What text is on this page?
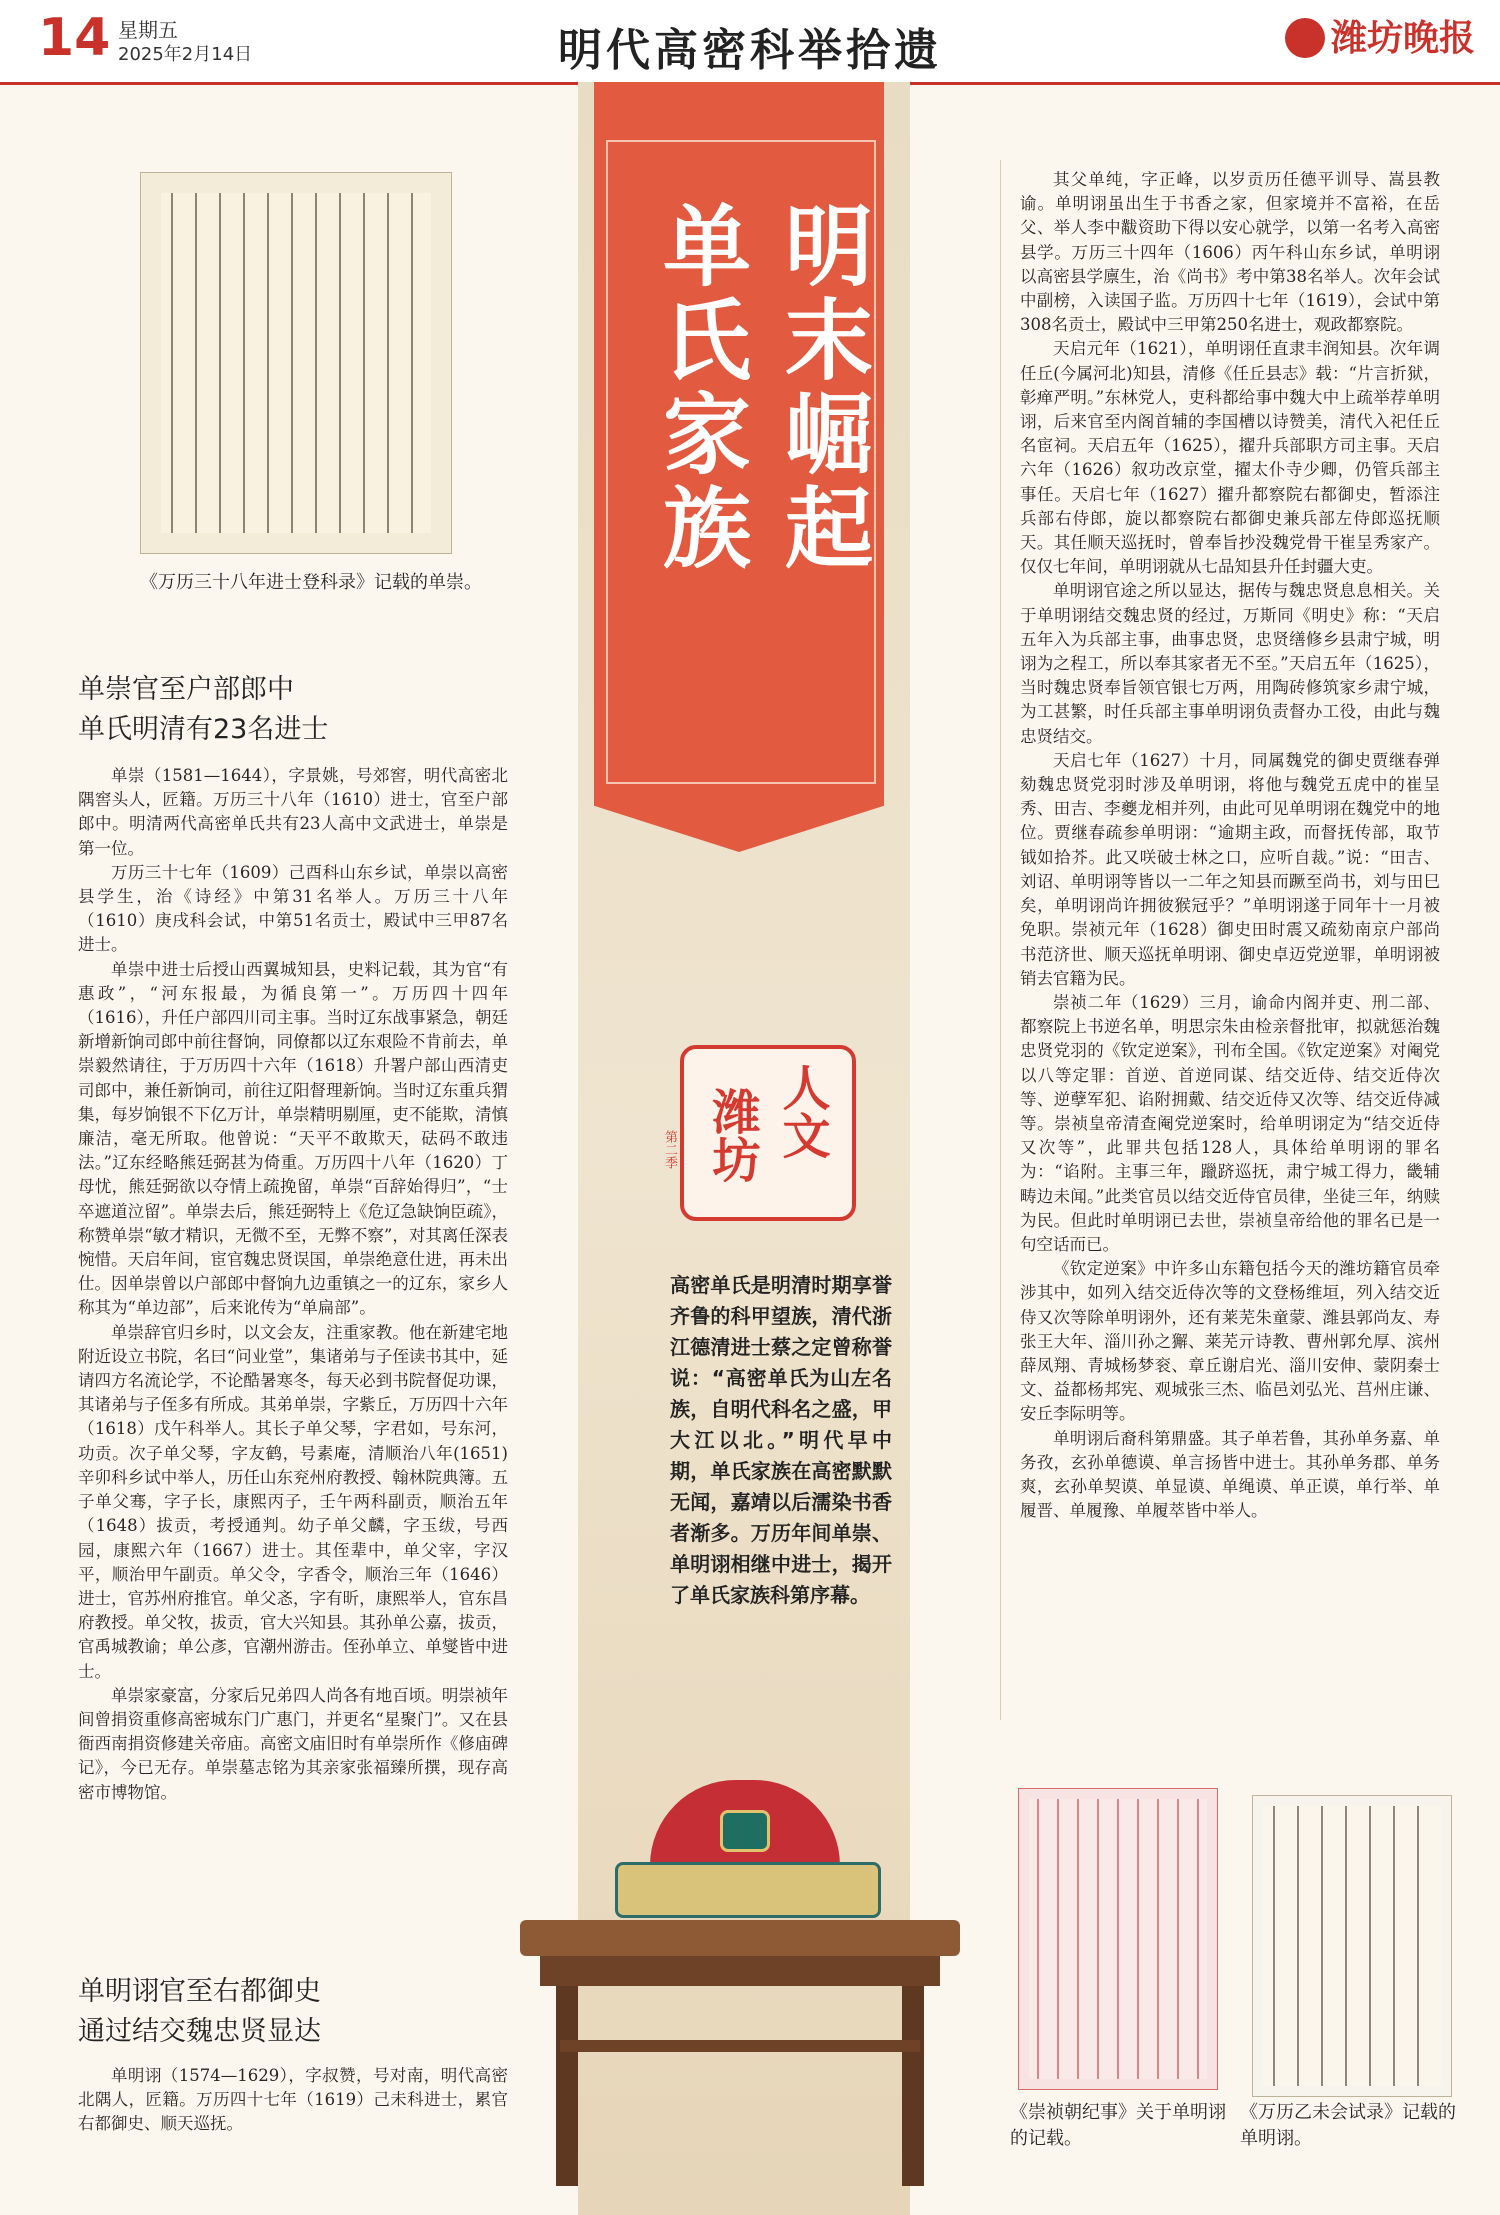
14 星期五
2025年2月14日	明代高密科举拾遗	潍坊晚报
明末崛起
单氏家族
人文
潍坊
第二季
高密单氏是明清时期享誉齐鲁的科甲望族，清代浙江德清进士蔡之定曾称誉说：“高密单氏为山左名族，自明代科名之盛，甲大江以北。”明代早中期，单氏家族在高密默默无闻，嘉靖以后濡染书香者渐多。万历年间单崇、单明诩相继中进士，揭开了单氏家族科第序幕。
《万历三十八年进士登科录》记载的单崇。
单崇官至户部郎中
单氏明清有23名进士

单崇（1581—1644），字景姚，号郊窖，明代高密北隅窖头人，匠籍。万历三十八年（1610）进士，官至户部郎中。明清两代高密单氏共有23人高中文武进士，单崇是第一位。

万历三十七年（1609）己酉科山东乡试，单崇以高密县学生，治《诗经》中第31名举人。万历三十八年（1610）庚戌科会试，中第51名贡士，殿试中三甲87名进士。

单崇中进士后授山西翼城知县，史料记载，其为官“有惠政”，“河东报最，为循良第一”。万历四十四年（1616），升任户部四川司主事。当时辽东战事紧急，朝廷新增新饷司郎中前往督饷，同僚都以辽东艰险不肯前去，单崇毅然请往，于万历四十六年（1618）升署户部山西清吏司郎中，兼任新饷司，前往辽阳督理新饷。当时辽东重兵猬集，每岁饷银不下亿万计，单崇精明剔厘，吏不能欺，清慎廉洁，毫无所取。他曾说：“天平不敢欺天，砝码不敢违法。”辽东经略熊廷弼甚为倚重。万历四十八年（1620）丁母忧，熊廷弼欲以夺情上疏挽留，单崇“百辞始得归”，“士卒遮道泣留”。单崇去后，熊廷弼特上《危辽急缺饷臣疏》，称赞单崇“敏才精识，无微不至，无弊不察”，对其离任深表惋惜。天启年间，宦官魏忠贤误国，单崇绝意仕进，再未出仕。因单崇曾以户部郎中督饷九边重镇之一的辽东，家乡人称其为“单边部”，后来讹传为“单扁部”。

单崇辞官归乡时，以文会友，注重家教。他在新建宅地附近设立书院，名曰“问业堂”，集诸弟与子侄读书其中，延请四方名流论学，不论酷暑寒冬，每天必到书院督促功课，其诸弟与子侄多有所成。其弟单崇，字紫丘，万历四十六年（1618）戊午科举人。其长子单父琴，字君如，号东河，功贡。次子单父琴，字友鹤，号素庵，清顺治八年(1651)辛卯科乡试中举人，历任山东兖州府教授、翰林院典簿。五子单父骞，字子长，康熙丙子，壬午两科副贡，顺治五年（1648）拔贡，考授通判。幼子单父麟，字玉绂，号西园，康熙六年（1667）进士。其侄辈中，单父宰，字汉平，顺治甲午副贡。单父令，字香令，顺治三年（1646）进士，官苏州府推官。单父忞，字有昕，康熙举人，官东昌府教授。单父牧，拔贡，官大兴知县。其孙单公嘉，拔贡，官禹城教谕；单公彥，官潮州游击。侄孙单立、单燮皆中进士。

单崇家豪富，分家后兄弟四人尚各有地百顷。明崇祯年间曾捐资重修高密城东门广惠门，并更名“星聚门”。又在县衙西南捐资修建关帝庙。高密文庙旧时有单崇所作《修庙碑记》，今已无存。单崇墓志铭为其亲家张福臻所撰，现存高密市博物馆。

单明诩官至右都御史
通过结交魏忠贤显达

单明诩（1574—1629），字叔赞，号对南，明代高密北隅人，匠籍。万历四十七年（1619）己未科进士，累官右都御史、顺天巡抚。

其父单纯，字正峰，以岁贡历任德平训导、嵩县教谕。单明诩虽出生于书香之家，但家境并不富裕，在岳父、举人李中黻资助下得以安心就学，以第一名考入高密县学。万历三十四年（1606）丙午科山东乡试，单明诩以高密县学廪生，治《尚书》考中第38名举人。次年会试中副榜，入读国子监。万历四十七年（1619），会试中第308名贡士，殿试中三甲第250名进士，观政都察院。

天启元年（1621），单明诩任直隶丰润知县。次年调任丘(今属河北)知县，清修《任丘县志》载：“片言折狱，彰瘅严明。”东林党人，吏科都给事中魏大中上疏举荐单明诩，后来官至内阁首辅的李国槽以诗赞美，清代入祀任丘名宦祠。天启五年（1625），擢升兵部职方司主事。天启六年（1626）叙功改京堂，擢太仆寺少卿，仍管兵部主事任。天启七年（1627）擢升都察院右都御史，暂添注兵部右侍郎，旋以都察院右都御史兼兵部左侍郎巡抚顺天。其任顺天巡抚时，曾奉旨抄没魏党骨干崔呈秀家产。仅仅七年间，单明诩就从七品知县升任封疆大吏。

单明诩官途之所以显达，据传与魏忠贤息息相关。关于单明诩结交魏忠贤的经过，万斯同《明史》称：“天启五年入为兵部主事，曲事忠贤，忠贤缮修乡县肃宁城，明诩为之程工，所以奉其家者无不至。”天启五年（1625），当时魏忠贤奉旨领官银七万两，用陶砖修筑家乡肃宁城，为工甚繁，时任兵部主事单明诩负责督办工役，由此与魏忠贤结交。

天启七年（1627）十月，同属魏党的御史贾继春弹劾魏忠贤党羽时涉及单明诩，将他与魏党五虎中的崔呈秀、田吉、李夔龙相并列，由此可见单明诩在魏党中的地位。贾继春疏参单明诩：“逾期主政，而督抚传部，取节钺如拾芥。此又咲破士林之口，应听自裁。”说：“田吉、刘诏、单明诩等皆以一二年之知县而蹶至尚书，刘与田巳矣，单明诩尚许拥彼猴冠乎？”单明诩遂于同年十一月被免职。崇祯元年（1628）御史田时震又疏劾南京户部尚书范济世、顺天巡抚单明诩、御史卓迈党逆罪，单明诩被销去官籍为民。

崇祯二年（1629）三月，谕命内阁并吏、刑二部、都察院上书逆名单，明思宗朱由检亲督批审，拟就惩治魏忠贤党羽的《钦定逆案》，刊布全国。《钦定逆案》对阉党以八等定罪：首逆、首逆同谋、结交近侍、结交近侍次等、逆孽军犯、谄附拥戴、结交近侍又次等、结交近侍减等。崇祯皇帝清查阉党逆案时，给单明诩定为“结交近侍又次等”，此罪共包括128人，具体给单明诩的罪名为：“谄附。主事三年，躐跻巡抚，肃宁城工得力，畿辅畴边未闻。”此类官员以结交近侍官员律，坐徒三年，纳赎为民。但此时单明诩已去世，崇祯皇帝给他的罪名已是一句空话而已。

《钦定逆案》中许多山东籍包括今天的潍坊籍官员牵涉其中，如列入结交近侍次等的文登杨维垣，列入结交近侍又次等除单明诩外，还有莱芜朱童蒙、潍县郭尚友、寿张王大年、淄川孙之獬、莱芜亓诗教、曹州郭允厚、滨州薛凤翔、青城杨梦衮、章丘谢启光、淄川安伸、蒙阴秦士文、益都杨邦宪、观城张三杰、临邑刘弘光、莒州庄谦、安丘李际明等。

单明诩后裔科第鼎盛。其子单若鲁，其孙单务嘉、单务孜，玄孙单德谟、单言扬皆中进士。其孙单务郡、单务爽，玄孙单契谟、单显谟、单绳谟、单正谟，单行举、单履晋、单履豫、单履萃皆中举人。

《崇祯朝纪事》关于单明诩的记载。
《万历乙未会试录》记载的单明诩。
